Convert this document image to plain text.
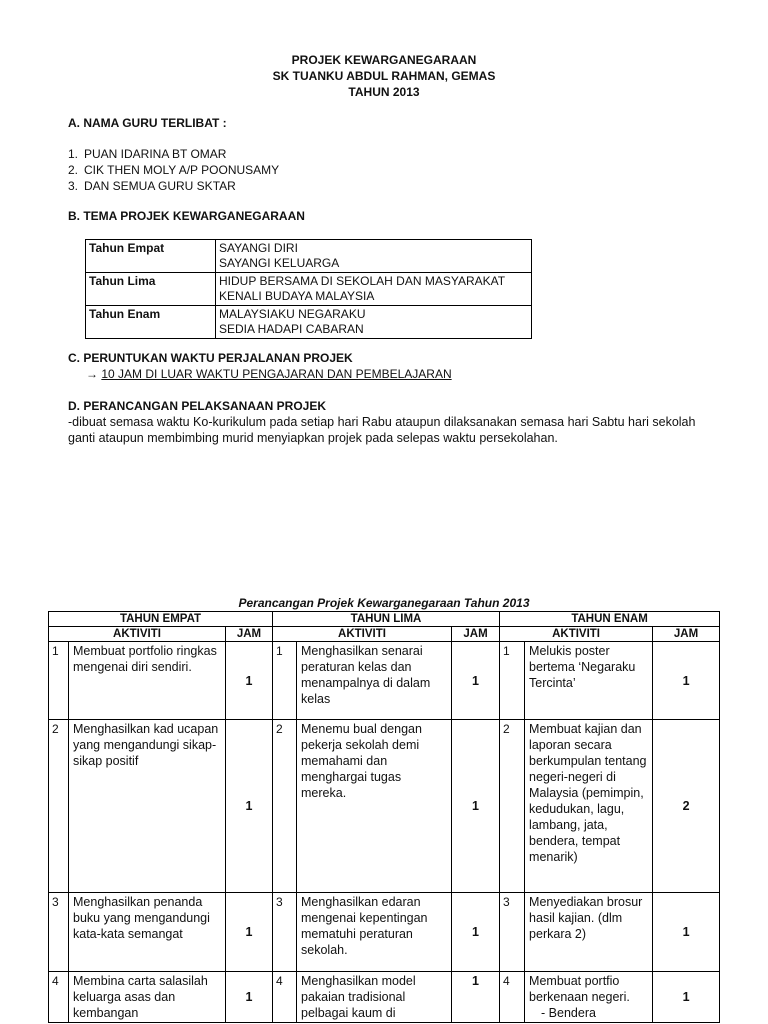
PROJEK KEWARGANEGARAAN
SK TUANKU ABDUL RAHMAN, GEMAS
TAHUN 2013
A. NAMA GURU TERLIBAT :
1. PUAN IDARINA BT OMAR
2. CIK THEN MOLY A/P POONUSAMY
3. DAN SEMUA GURU SKTAR
B. TEMA PROJEK KEWARGANEGARAAN
Tahun Empat	SAYANGI DIRI
SAYANGI KELUARGA

Tahun Lima	HIDUP BERSAMA DI SEKOLAH DAN MASYARAKAT
KENALI BUDAYA MALAYSIA

Tahun Enam	MALAYSIAKU NEGARAKU
SEDIA HADAPI CABARAN
C. PERUNTUKAN WAKTU PERJALANAN PROJEK
→ 10 JAM DI LUAR WAKTU PENGAJARAN DAN PEMBELAJARAN
D. PERANCANGAN PELAKSANAAN PROJEK
-dibuat semasa waktu Ko-kurikulum pada setiap hari Rabu ataupun dilaksanakan semasa hari Sabtu hari sekolah ganti ataupun membimbing murid menyiapkan projek pada selepas waktu persekolahan.
Perancangan Projek Kewarganegaraan Tahun 2013
TAHUN EMPAT			TAHUN LIMA			TAHUN ENAM		
AKTIVITI		JAM	AKTIVITI		JAM	AKTIVITI		JAM
1	Membuat portfolio ringkas mengenai diri sendiri.	1	1	Menghasilkan senarai peraturan kelas dan menampalnya di dalam kelas	1	1	Melukis poster bertema ‘Negaraku Tercinta’	1
2	Menghasilkan kad ucapan yang mengandungi sikap-sikap positif	1	2	Menemu bual dengan pekerja sekolah demi memahami dan menghargai tugas mereka.	1	2	Membuat kajian dan laporan secara berkumpulan tentang negeri-negeri di Malaysia (pemimpin, kedudukan, lagu, lambang, jata, bendera, tempat menarik)	2
3	Menghasilkan penanda buku yang mengandungi kata-kata semangat	1	3	Menghasilkan edaran mengenai kepentingan mematuhi peraturan sekolah.	1	3	Menyediakan brosur hasil kajian. (dlm perkara 2)	1
4	Membina carta salasilah keluarga asas dan kembangan	1	4	Menghasilkan model pakaian tradisional pelbagai kaum di	1	4	Membuat portfio berkenaan negeri.
- Bendera	1
